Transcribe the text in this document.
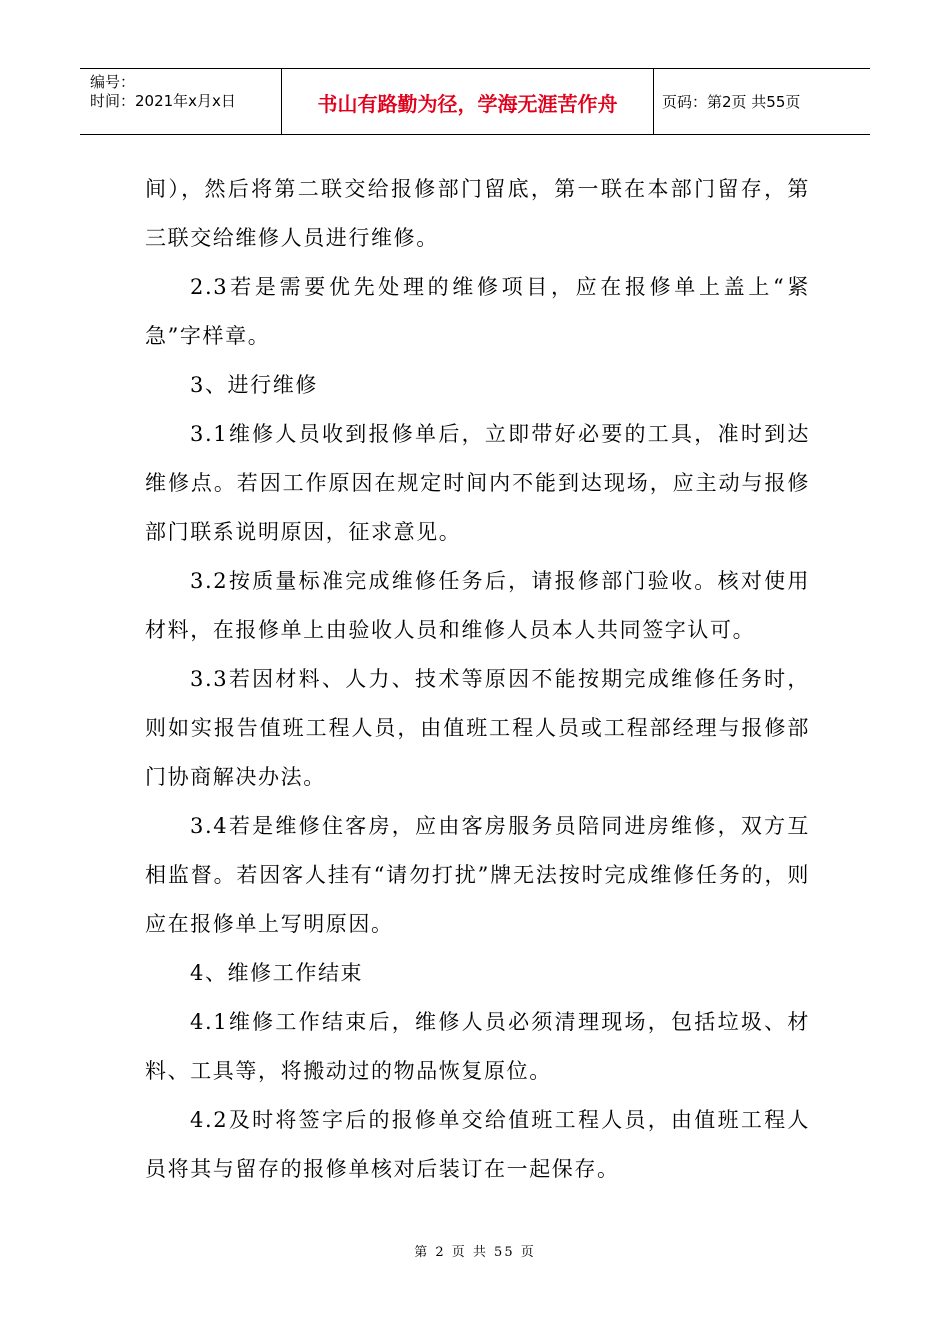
编号：
时间：2021年x月x日	书山有路勤为径，学海无涯苦作舟	页码：第2页 共55页

间），然后将第二联交给报修部门留底，第一联在本部门留存，第三联交给维修人员进行维修。

2.3若是需要优先处理的维修项目，应在报修单上盖上“紧急”字样章。

3、进行维修

3.1维修人员收到报修单后，立即带好必要的工具，准时到达维修点。若因工作原因在规定时间内不能到达现场，应主动与报修部门联系说明原因，征求意见。

3.2按质量标准完成维修任务后，请报修部门验收。核对使用材料，在报修单上由验收人员和维修人员本人共同签字认可。

3.3若因材料、人力、技术等原因不能按期完成维修任务时，则如实报告值班工程人员，由值班工程人员或工程部经理与报修部门协商解决办法。

3.4若是维修住客房，应由客房服务员陪同进房维修，双方互相监督。若因客人挂有“请勿打扰”牌无法按时完成维修任务的，则应在报修单上写明原因。

4、维修工作结束

4.1维修工作结束后，维修人员必须清理现场，包括垃圾、材料、工具等，将搬动过的物品恢复原位。

4.2及时将签字后的报修单交给值班工程人员，由值班工程人员将其与留存的报修单核对后装订在一起保存。

第 2 页 共 55 页
